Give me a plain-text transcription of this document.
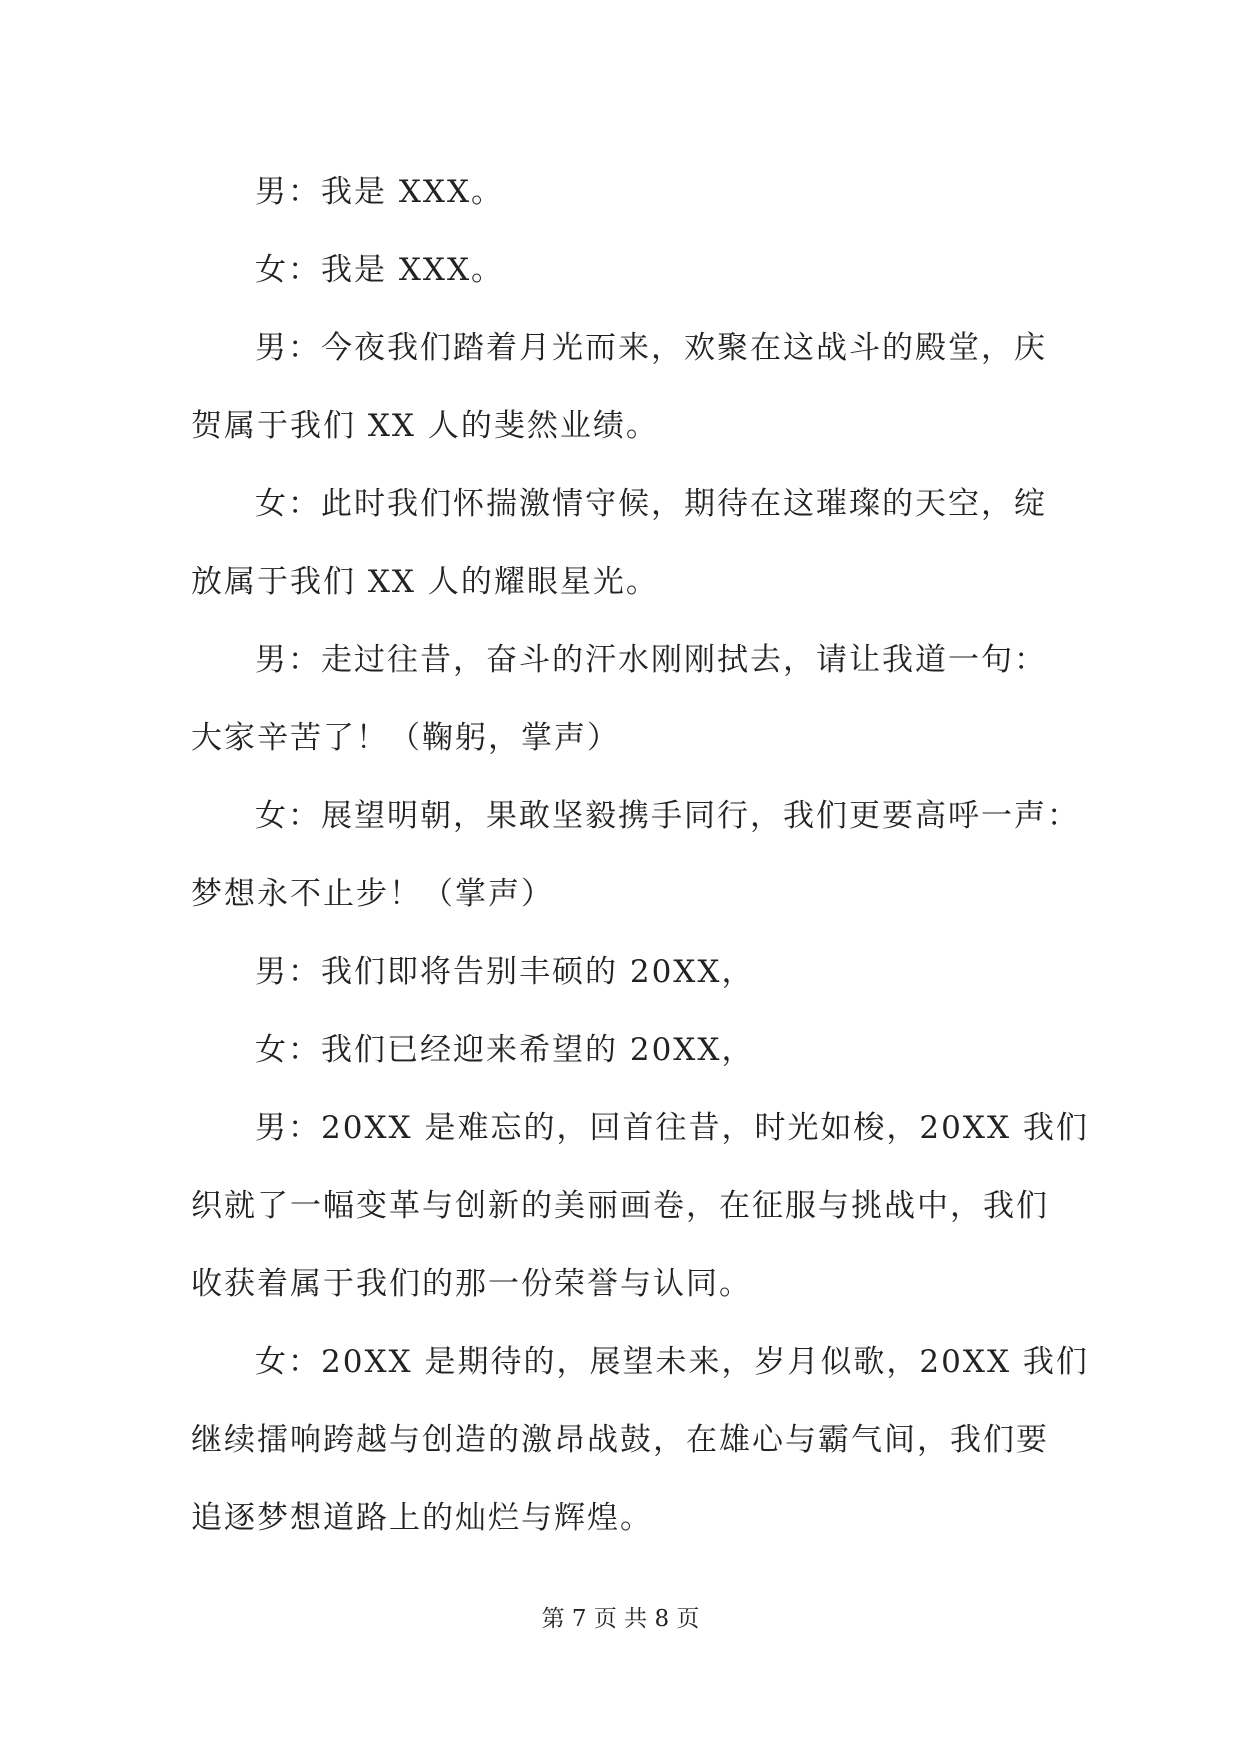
男：我是 XXX。
女：我是 XXX。
男：今夜我们踏着月光而来，欢聚在这战斗的殿堂，庆
贺属于我们 XX 人的斐然业绩。
女：此时我们怀揣激情守候，期待在这璀璨的天空，绽
放属于我们 XX 人的耀眼星光。
男：走过往昔，奋斗的汗水刚刚拭去，请让我道一句：
大家辛苦了！（鞠躬，掌声）
女：展望明朝，果敢坚毅携手同行，我们更要高呼一声：
梦想永不止步！（掌声）
男：我们即将告别丰硕的 20XX，
女：我们已经迎来希望的 20XX，
男：20XX 是难忘的，回首往昔，时光如梭，20XX 我们
织就了一幅变革与创新的美丽画卷，在征服与挑战中，我们
收获着属于我们的那一份荣誉与认同。
女：20XX 是期待的，展望未来，岁月似歌，20XX 我们
继续擂响跨越与创造的激昂战鼓，在雄心与霸气间，我们要
追逐梦想道路上的灿烂与辉煌。
第 7 页 共 8 页
